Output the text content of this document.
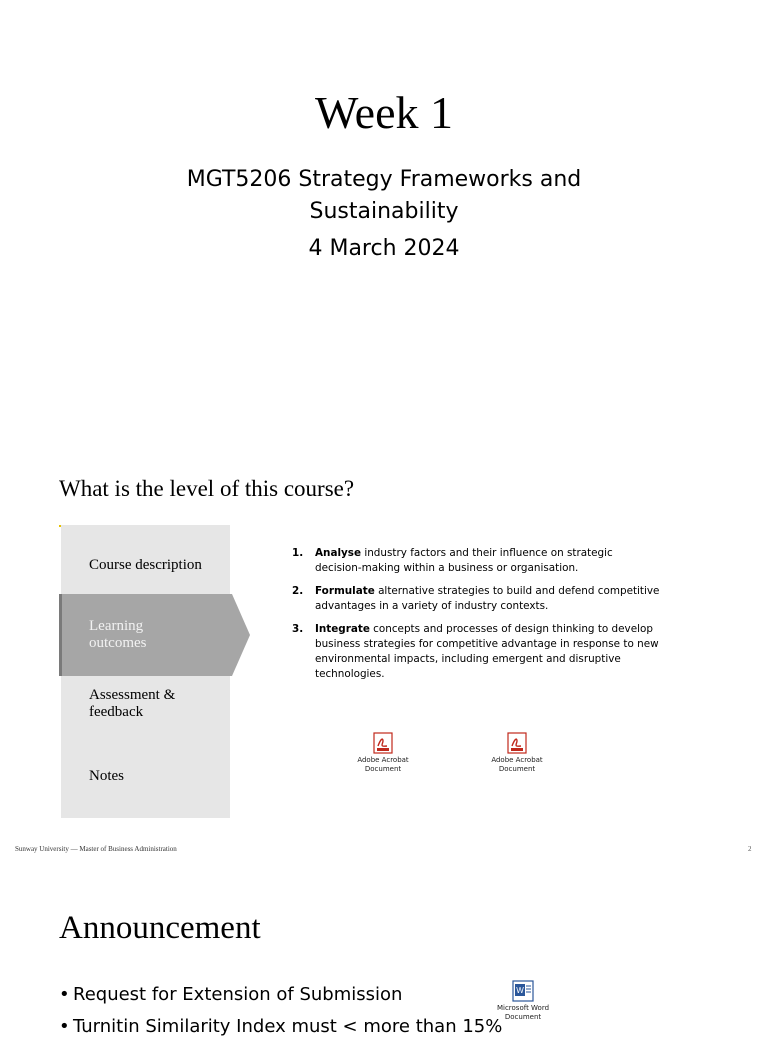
Week 1
MGT5206 Strategy Frameworks and Sustainability
4 March 2024
What is the level of this course?
Course description
Assessment & feedback
Notes
Learning outcomes
1. Analyse industry factors and their influence on strategic decision-making within a business or organisation.
2. Formulate alternative strategies to build and defend competitive advantages in a variety of industry contexts.
3. Integrate concepts and processes of design thinking to develop business strategies for competitive advantage in response to new environmental impacts, including emergent and disruptive technologies.
Adobe Acrobat Document
Adobe Acrobat Document
Sunway University — Master of Business Administration	2
Announcement
• Request for Extension of Submission
• Turnitin Similarity Index must < more than 15%
W
Microsoft Word Document
